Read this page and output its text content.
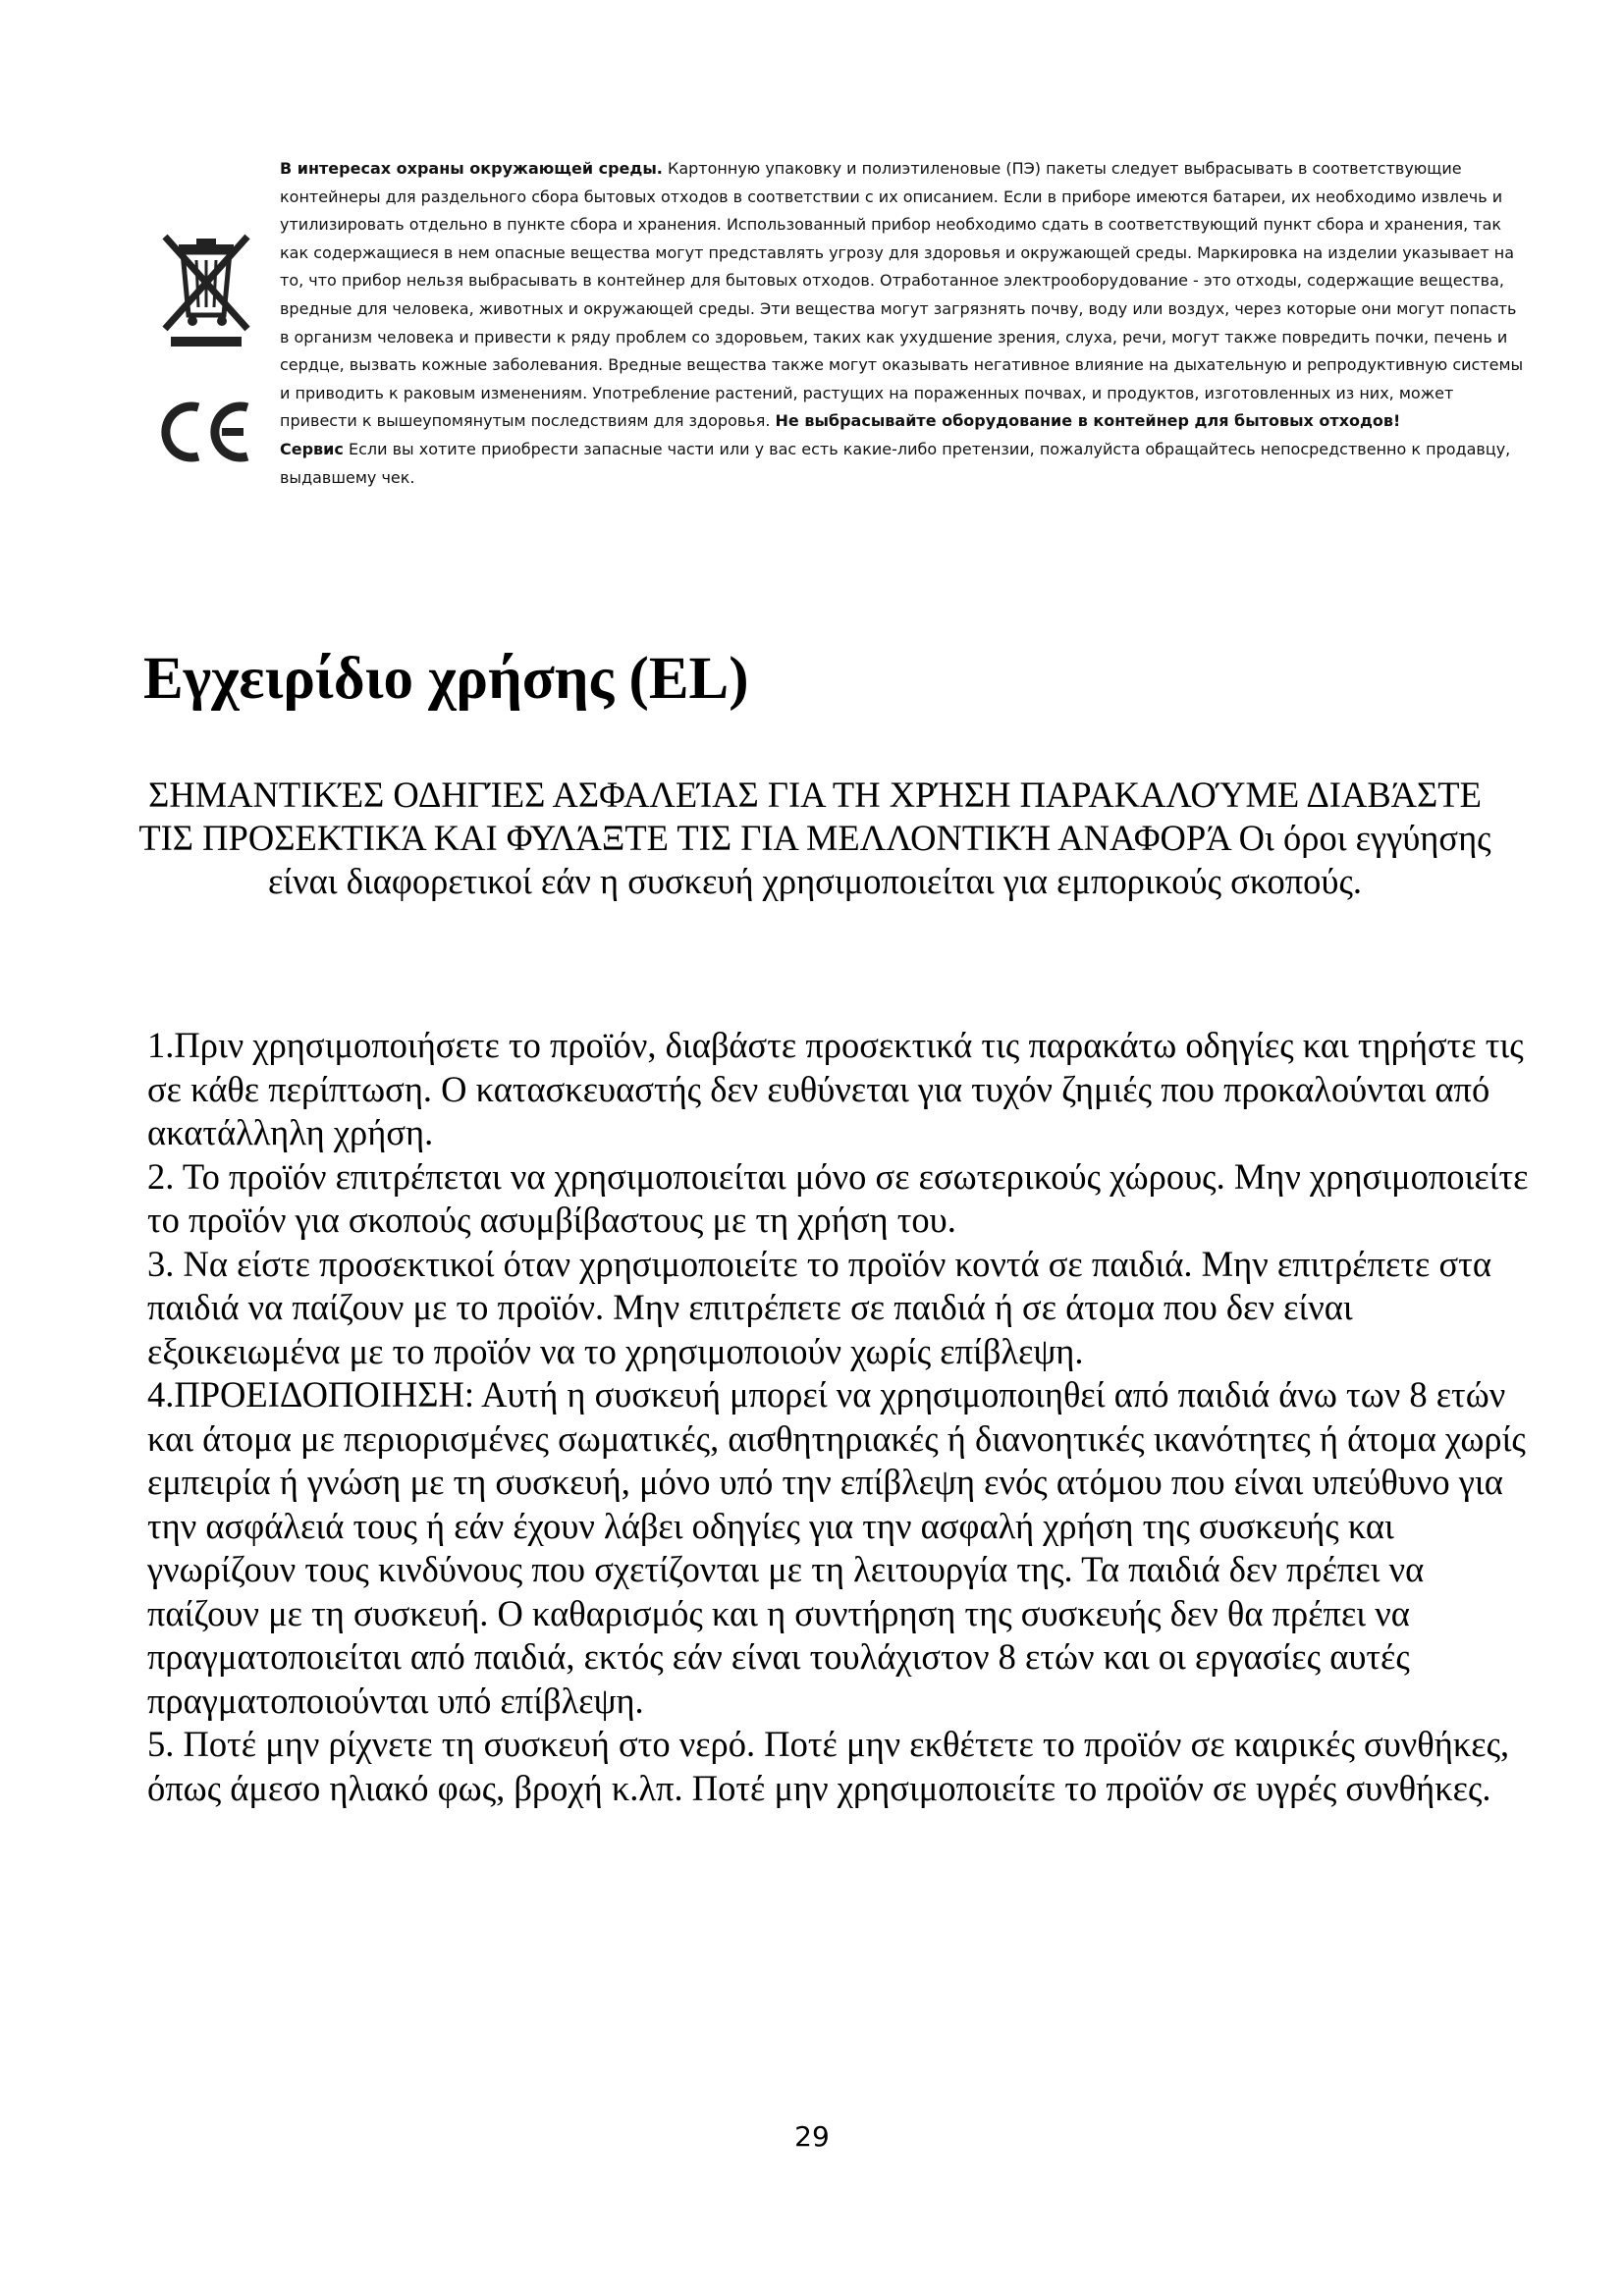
В интересах охраны окружающей среды. Картонную упаковку и полиэтиленовые (ПЭ) пакеты следует выбрасывать в соответствующие контейнеры для раздельного сбора бытовых отходов в соответствии с их описанием. Если в приборе имеются батареи, их необходимо извлечь и утилизировать отдельно в пункте сбора и хранения. Использованный прибор необходимо сдать в соответствующий пункт сбора и хранения, так как содержащиеся в нем опасные вещества могут представлять угрозу для здоровья и окружающей среды. Маркировка на изделии указывает на то, что прибор нельзя выбрасывать в контейнер для бытовых отходов. Отработанное электрооборудование - это отходы, содержащие вещества, вредные для человека, животных и окружающей среды. Эти вещества могут загрязнять почву, воду или воздух, через которые они могут попасть в организм человека и привести к ряду проблем со здоровьем, таких как ухудшение зрения, слуха, речи, могут также повредить почки, печень и сердце, вызвать кожные заболевания. Вредные вещества также могут оказывать негативное влияние на дыхательную и репродуктивную системы и приводить к раковым изменениям. Употребление растений, растущих на пораженных почвах, и продуктов, изготовленных из них, может привести к вышеупомянутым последствиям для здоровья. Не выбрасывайте оборудование в контейнер для бытовых отходов!
Сервис Если вы хотите приобрести запасные части или у вас есть какие-либо претензии, пожалуйста обращайтесь непосредственно к продавцу, выдавшему чек.
Εγχειρίδιο χρήσης (EL)

ΣΗΜΑΝΤΙΚΈΣ ΟΔΗΓΊΕΣ ΑΣΦΑΛΕΊΑΣ ΓΙΑ ΤΗ ΧΡΉΣΗ ΠΑΡΑΚΑΛΟΎΜΕ ΔΙΑΒΆΣΤΕ ΤΙΣ ΠΡΟΣΕΚΤΙΚΆ ΚΑΙ ΦΥΛΆΞΤΕ ΤΙΣ ΓΙΑ ΜΕΛΛΟΝΤΙΚΉ ΑΝΑΦΟΡΆ Οι όροι εγγύησης είναι διαφορετικοί εάν η συσκευή χρησιμοποιείται για εμπορικούς σκοπούς.

1.Πριν χρησιμοποιήσετε το προϊόν, διαβάστε προσεκτικά τις παρακάτω οδηγίες και τηρήστε τις σε κάθε περίπτωση. Ο κατασκευαστής δεν ευθύνεται για τυχόν ζημιές που προκαλούνται από ακατάλληλη χρήση.

2. Το προϊόν επιτρέπεται να χρησιμοποιείται μόνο σε εσωτερικούς χώρους. Μην χρησιμοποιείτε το προϊόν για σκοπούς ασυμβίβαστους με τη χρήση του.

3. Να είστε προσεκτικοί όταν χρησιμοποιείτε το προϊόν κοντά σε παιδιά. Μην επιτρέπετε στα παιδιά να παίζουν με το προϊόν. Μην επιτρέπετε σε παιδιά ή σε άτομα που δεν είναι εξοικειωμένα με το προϊόν να το χρησιμοποιούν χωρίς επίβλεψη.

4.ΠΡΟΕΙΔΟΠΟΙΗΣΗ: Αυτή η συσκευή μπορεί να χρησιμοποιηθεί από παιδιά άνω των 8 ετών και άτομα με περιορισμένες σωματικές, αισθητηριακές ή διανοητικές ικανότητες ή άτομα χωρίς εμπειρία ή γνώση με τη συσκευή, μόνο υπό την επίβλεψη ενός ατόμου που είναι υπεύθυνο για την ασφάλειά τους ή εάν έχουν λάβει οδηγίες για την ασφαλή χρήση της συσκευής και γνωρίζουν τους κινδύνους που σχετίζονται με τη λειτουργία της. Τα παιδιά δεν πρέπει να παίζουν με τη συσκευή. Ο καθαρισμός και η συντήρηση της συσκευής δεν θα πρέπει να πραγματοποιείται από παιδιά, εκτός εάν είναι τουλάχιστον 8 ετών και οι εργασίες αυτές πραγματοποιούνται υπό επίβλεψη.

5. Ποτέ μην ρίχνετε τη συσκευή στο νερό. Ποτέ μην εκθέτετε το προϊόν σε καιρικές συνθήκες, όπως άμεσο ηλιακό φως, βροχή κ.λπ. Ποτέ μην χρησιμοποιείτε το προϊόν σε υγρές συνθήκες.

29
